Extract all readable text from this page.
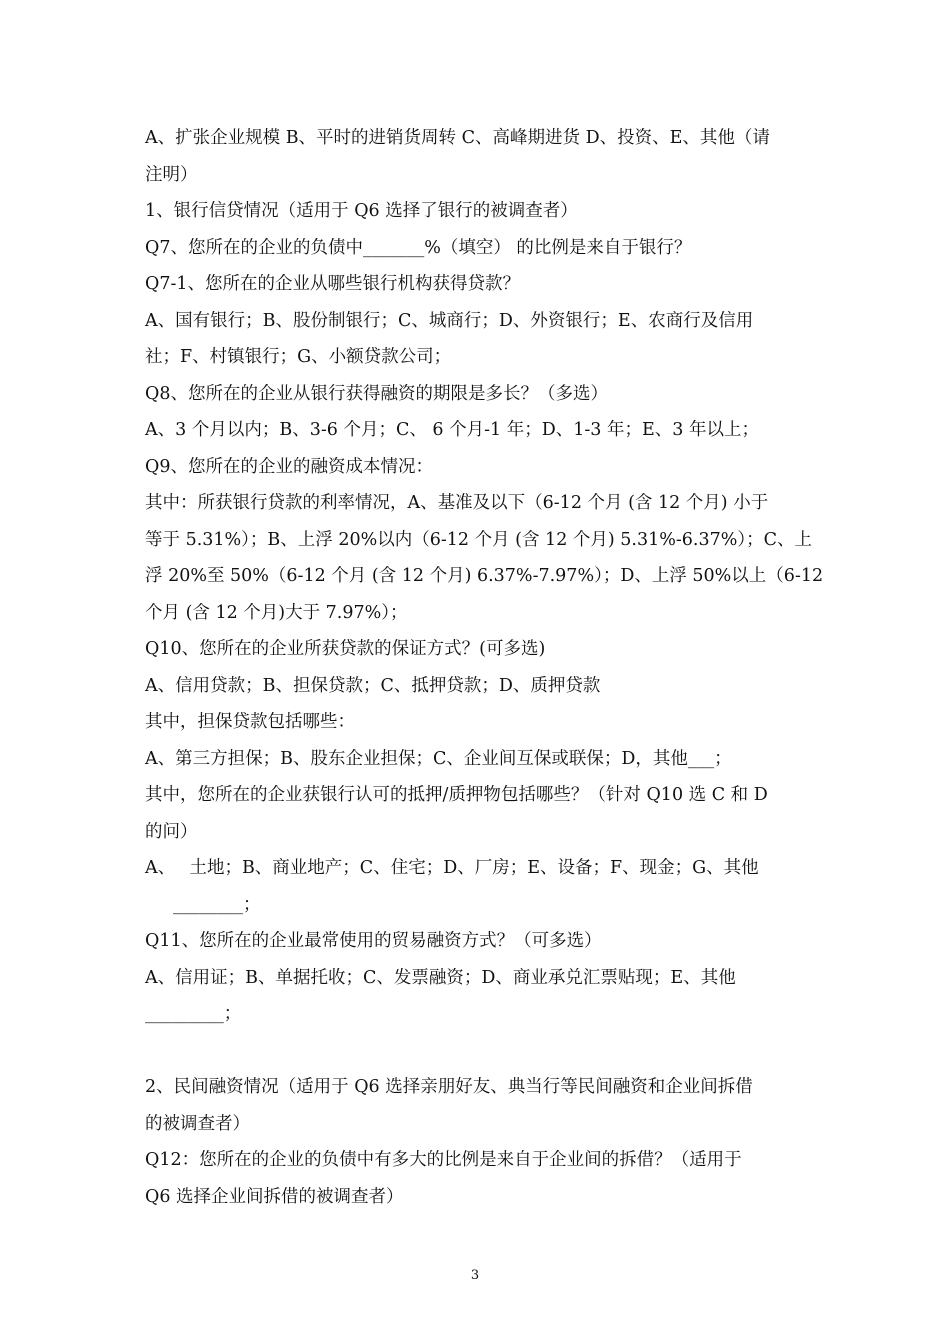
A、扩张企业规模 B、平时的进销货周转 C、高峰期进货 D、投资、E、其他（请

注明）

1、银行信贷情况（适用于 Q6 选择了银行的被调查者）

Q7、您所在的企业的负债中_______%（填空） 的比例是来自于银行？

Q7-1、您所在的企业从哪些银行机构获得贷款？

A、国有银行；B、股份制银行；C、城商行；D、外资银行；E、农商行及信用

社；F、村镇银行；G、小额贷款公司；

Q8、您所在的企业从银行获得融资的期限是多长？（多选）

A、3 个月以内；B、3-6 个月；C、 6 个月-1 年；D、1-3 年；E、3 年以上；

Q9、您所在的企业的融资成本情况：

其中：所获银行贷款的利率情况，A、基准及以下（6-12 个月 (含 12 个月) 小于

等于 5.31%）；B、上浮 20%以内（6-12 个月 (含 12 个月) 5.31%-6.37%）；C、上

浮 20%至 50%（6-12 个月 (含 12 个月) 6.37%-7.97%）；D、上浮 50%以上（6-12

个月 (含 12 个月)大于 7.97%）；

Q10、您所在的企业所获贷款的保证方式？(可多选)

A、信用贷款；B、担保贷款；C、抵押贷款；D、质押贷款

其中，担保贷款包括哪些：

A、第三方担保；B、股东企业担保；C、企业间互保或联保；D，其他___；

其中，您所在的企业获银行认可的抵押/质押物包括哪些？（针对 Q10 选 C 和 D

的问）

A、　 土地；B、商业地产；C、住宅；D、厂房；E、设备；F、现金；G、其他

________；

Q11、您所在的企业最常使用的贸易融资方式？（可多选）

A、信用证；B、单据托收；C、发票融资；D、商业承兑汇票贴现；E、其他

_________；

2、民间融资情况（适用于 Q6 选择亲朋好友、典当行等民间融资和企业间拆借

的被调查者）

Q12：您所在的企业的负债中有多大的比例是来自于企业间的拆借？（适用于

Q6 选择企业间拆借的被调查者）

3
